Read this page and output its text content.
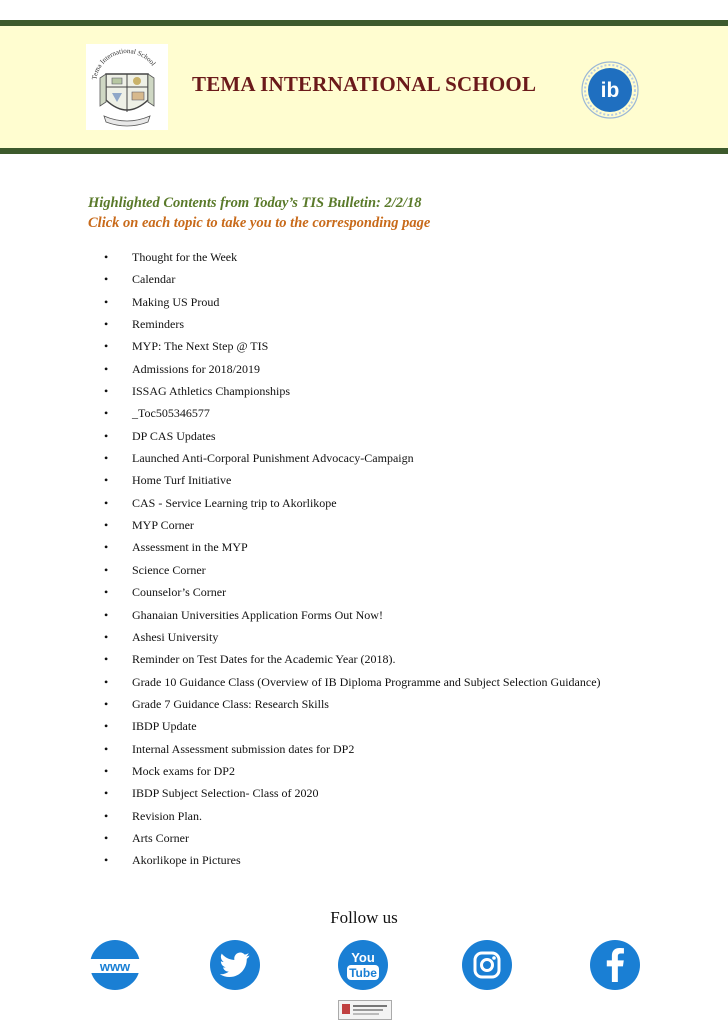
Tema International School
TEMA INTERNATIONAL SCHOOL	ib
Highlighted Contents from Today’s TIS Bulletin: 2/2/18
Click on each topic to take you to the corresponding page
• Thought for the Week
• Calendar
• Making US Proud
• Reminders
• MYP: The Next Step @ TIS
• Admissions for 2018/2019
• ISSAG Athletics Championships
• _Toc505346577
• DP CAS Updates
• Launched Anti-Corporal Punishment Advocacy-Campaign
• Home Turf Initiative
• CAS - Service Learning trip to Akorlikope
• MYP Corner
• Assessment in the MYP
• Science Corner
• Counselor’s Corner
• Ghanaian Universities Application Forms Out Now!
• Ashesi University
• Reminder on Test Dates for the Academic Year (2018).
• Grade 10 Guidance Class (Overview of IB Diploma Programme and Subject Selection Guidance)
• Grade 7 Guidance Class: Research Skills
• IBDP Update
• Internal Assessment submission dates for DP2
• Mock exams for DP2
• IBDP Subject Selection- Class of 2020
• Revision Plan.
• Arts Corner
• Akorlikope in Pictures
Follow us
www
You
Tube
